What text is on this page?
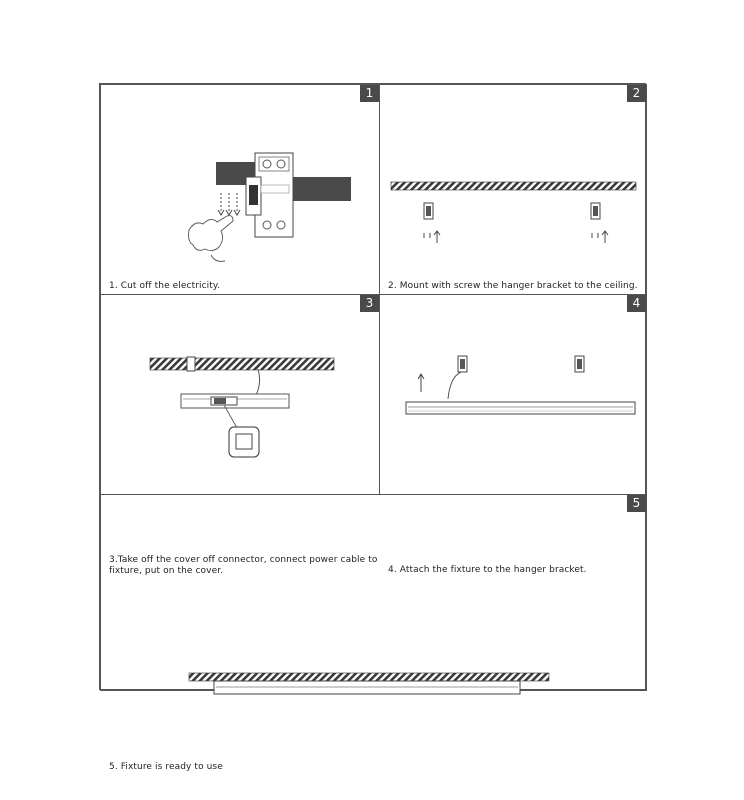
1
1. Cut off the electricity.
2
2. Mount with screw the hanger bracket to the ceiling.
3
3.Take off the cover off connector, connect power cable to fixture, put on the cover.
4
4. Attach the fixture to the hanger bracket.
5
5. Fixture is ready to use
